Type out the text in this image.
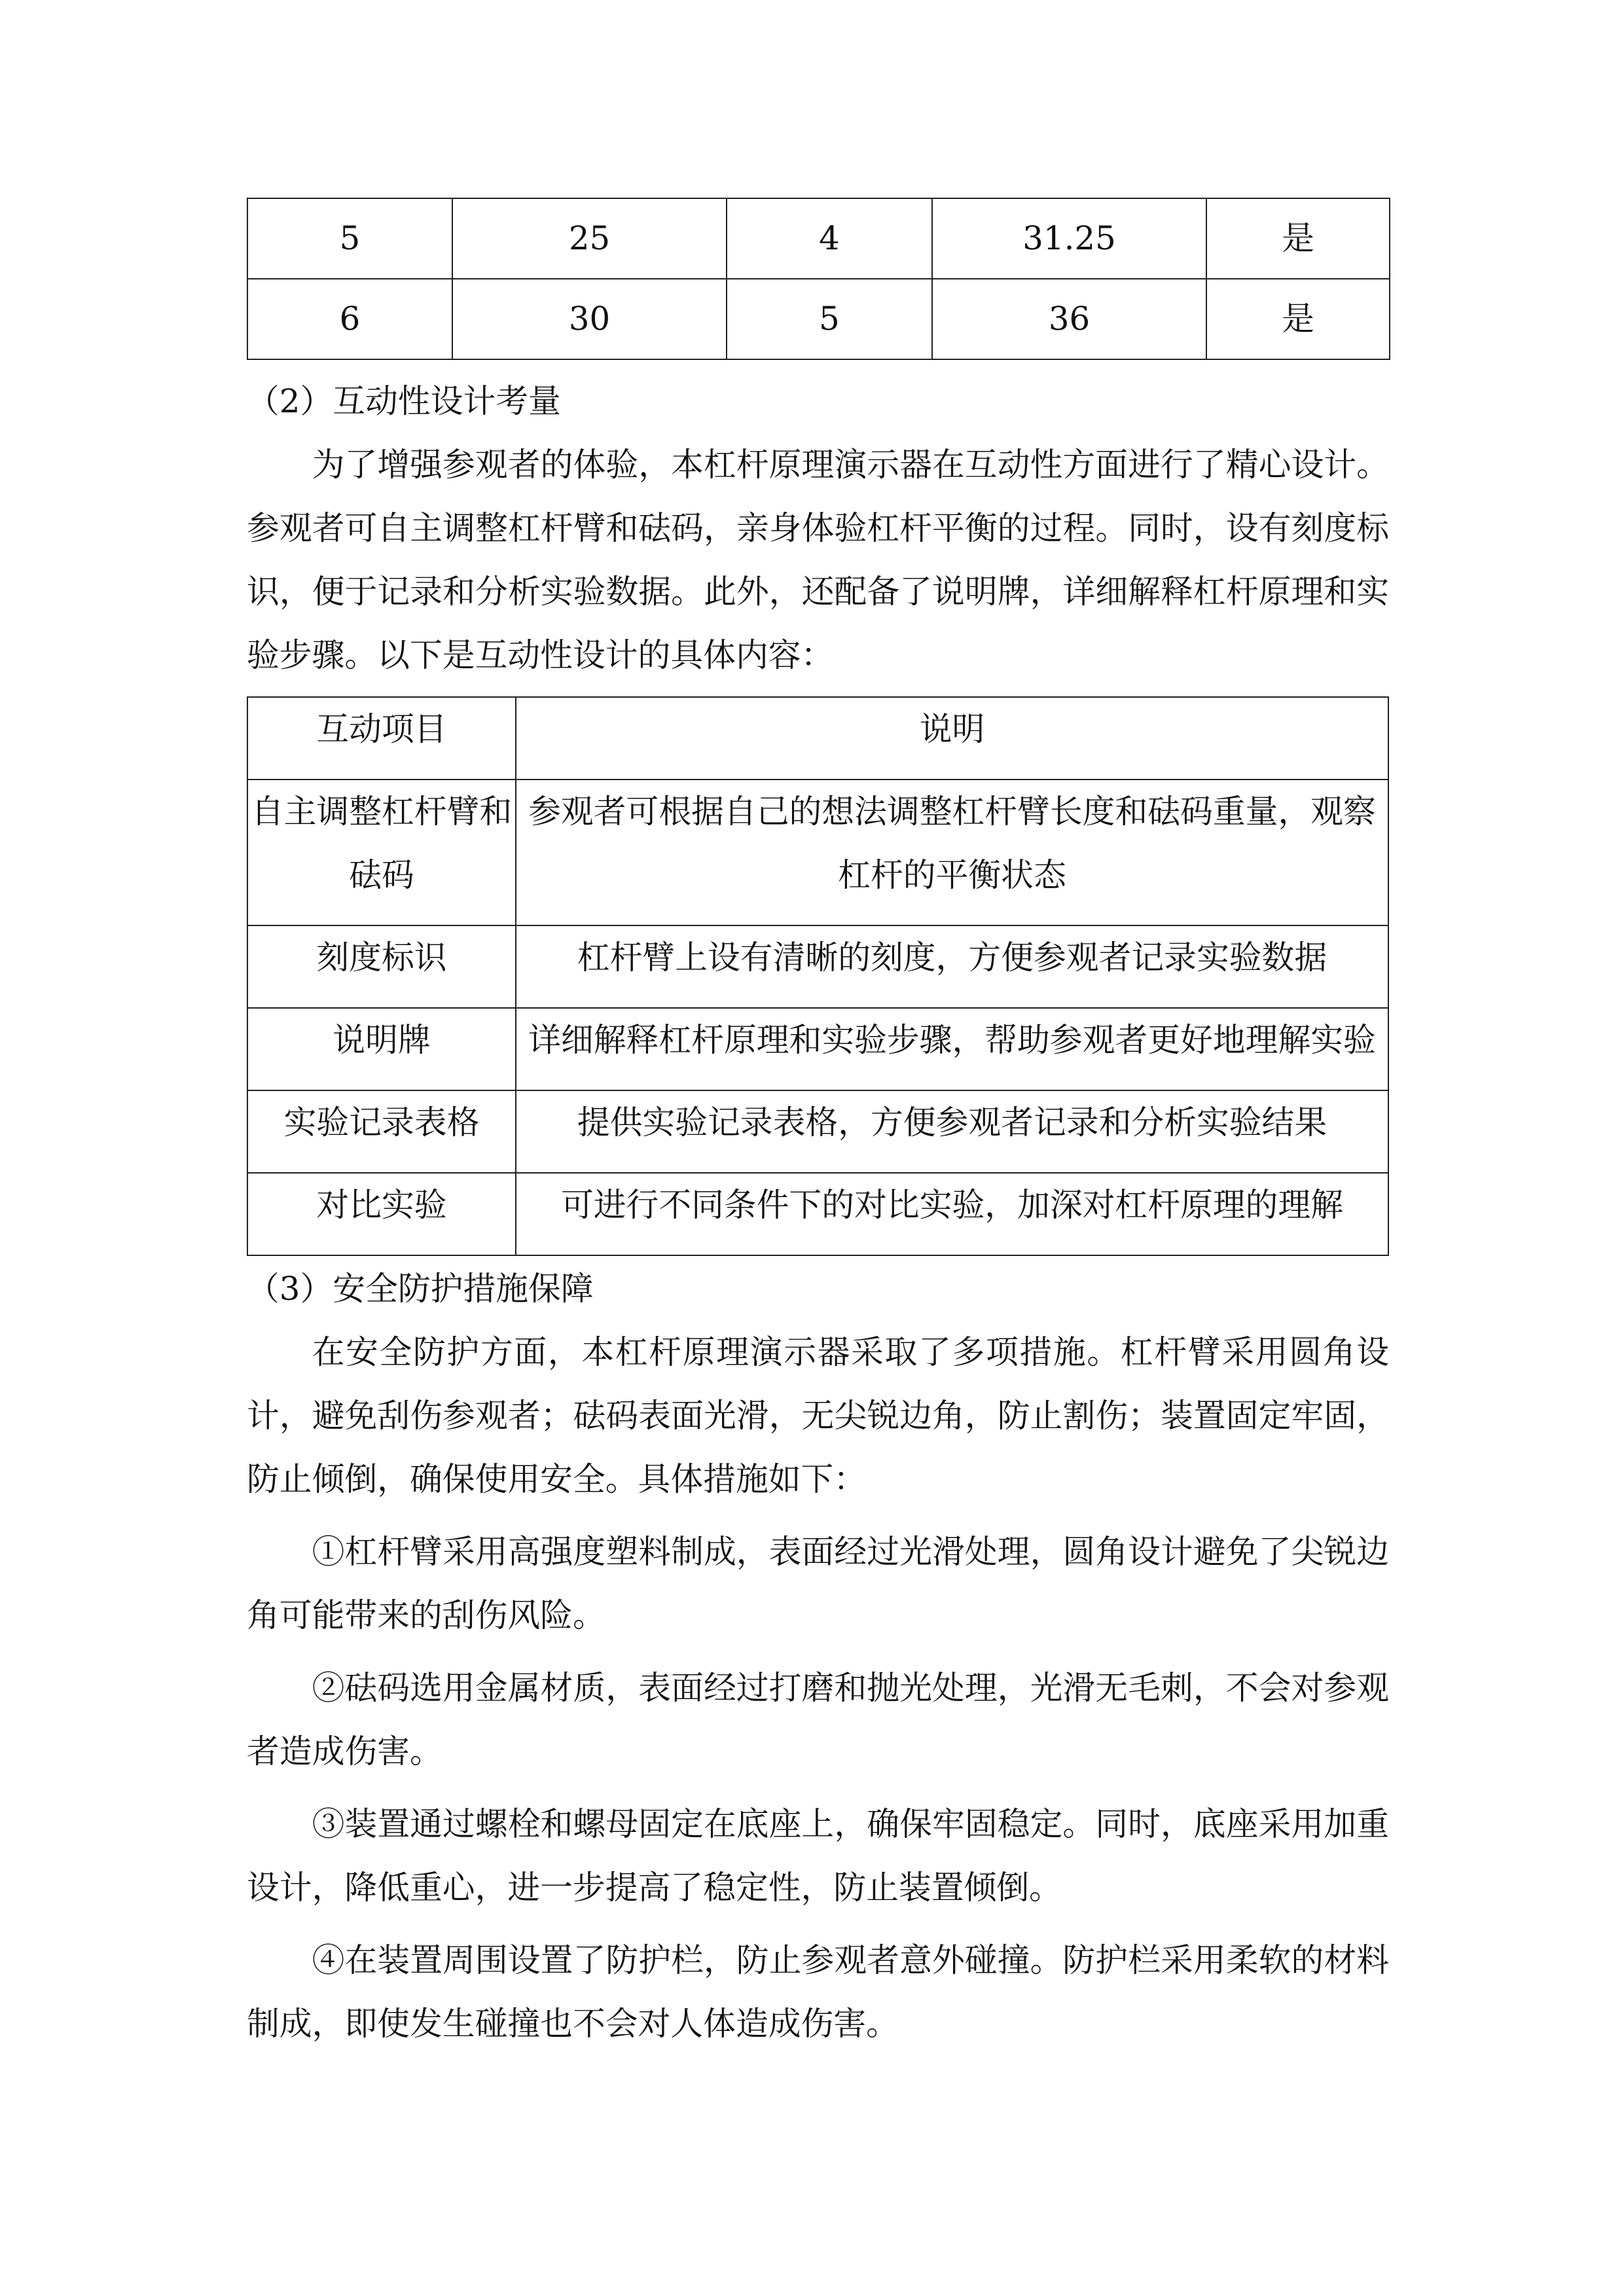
5	25	4	31.25	是
6	30	5	36	是

（2）互动性设计考量

为了增强参观者的体验，本杠杆原理演示器在互动性方面进行了精心设计。参观者可自主调整杠杆臂和砝码，亲身体验杠杆平衡的过程。同时，设有刻度标识，便于记录和分析实验数据。此外，还配备了说明牌，详细解释杠杆原理和实验步骤。以下是互动性设计的具体内容：

互动项目	说明
自主调整杠杆臂和砝码	参观者可根据自己的想法调整杠杆臂长度和砝码重量，观察杠杆的平衡状态
刻度标识	杠杆臂上设有清晰的刻度，方便参观者记录实验数据
说明牌	详细解释杠杆原理和实验步骤，帮助参观者更好地理解实验
实验记录表格	提供实验记录表格，方便参观者记录和分析实验结果
对比实验	可进行不同条件下的对比实验，加深对杠杆原理的理解

（3）安全防护措施保障

在安全防护方面，本杠杆原理演示器采取了多项措施。杠杆臂采用圆角设计，避免刮伤参观者；砝码表面光滑，无尖锐边角，防止割伤；装置固定牢固，防止倾倒，确保使用安全。具体措施如下：

①杠杆臂采用高强度塑料制成，表面经过光滑处理，圆角设计避免了尖锐边角可能带来的刮伤风险。

②砝码选用金属材质，表面经过打磨和抛光处理，光滑无毛刺，不会对参观者造成伤害。

③装置通过螺栓和螺母固定在底座上，确保牢固稳定。同时，底座采用加重设计，降低重心，进一步提高了稳定性，防止装置倾倒。

④在装置周围设置了防护栏，防止参观者意外碰撞。防护栏采用柔软的材料制成，即使发生碰撞也不会对人体造成伤害。
